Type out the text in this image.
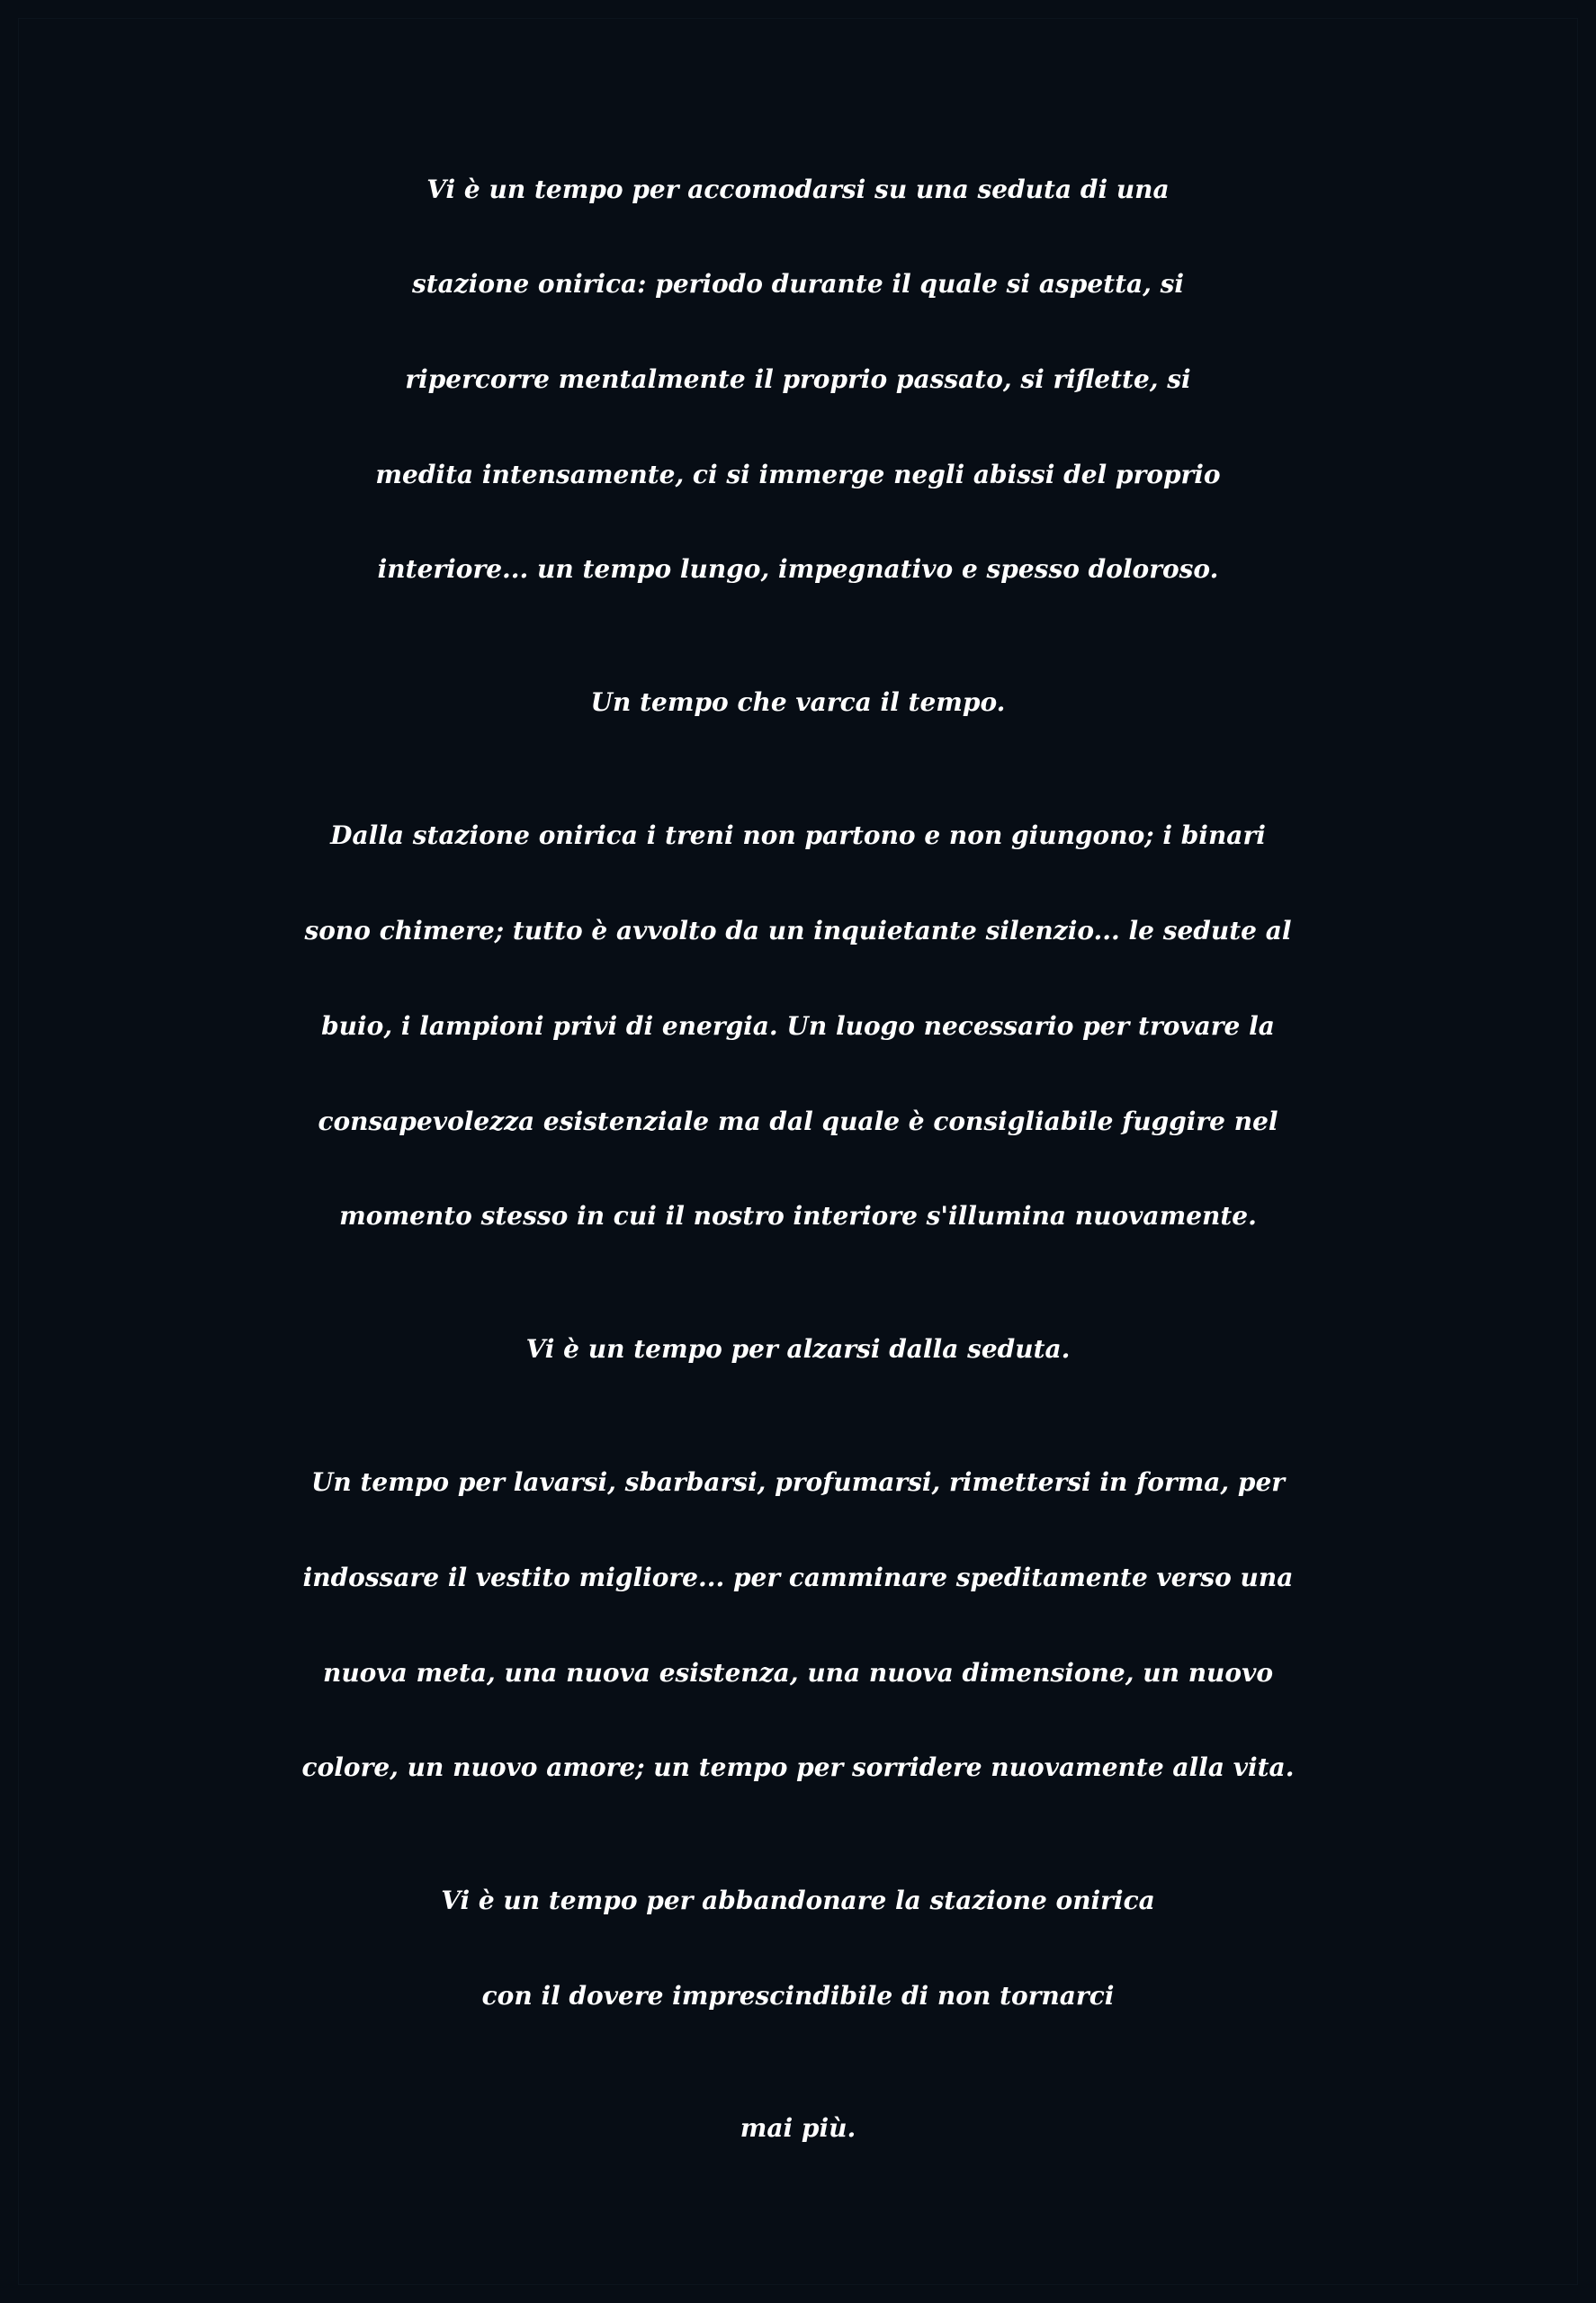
Vi è un tempo per accomodarsi su una seduta di una
stazione onirica: periodo durante il quale si aspetta, si
ripercorre mentalmente il proprio passato, si riflette, si
medita intensamente, ci si immerge negli abissi del proprio
interiore... un tempo lungo, impegnativo e spesso doloroso.
Un tempo che varca il tempo.
Dalla stazione onirica i treni non partono e non giungono; i binari
sono chimere; tutto è avvolto da un inquietante silenzio... le sedute al
buio, i lampioni privi di energia. Un luogo necessario per trovare la
consapevolezza esistenziale ma dal quale è consigliabile fuggire nel
momento stesso in cui il nostro interiore s'illumina nuovamente.
Vi è un tempo per alzarsi dalla seduta.
Un tempo per lavarsi, sbarbarsi, profumarsi, rimettersi in forma, per
indossare il vestito migliore... per camminare speditamente verso una
nuova meta, una nuova esistenza, una nuova dimensione, un nuovo
colore, un nuovo amore; un tempo per sorridere nuovamente alla vita.
Vi è un tempo per abbandonare la stazione onirica
con il dovere imprescindibile di non tornarci
mai più.
